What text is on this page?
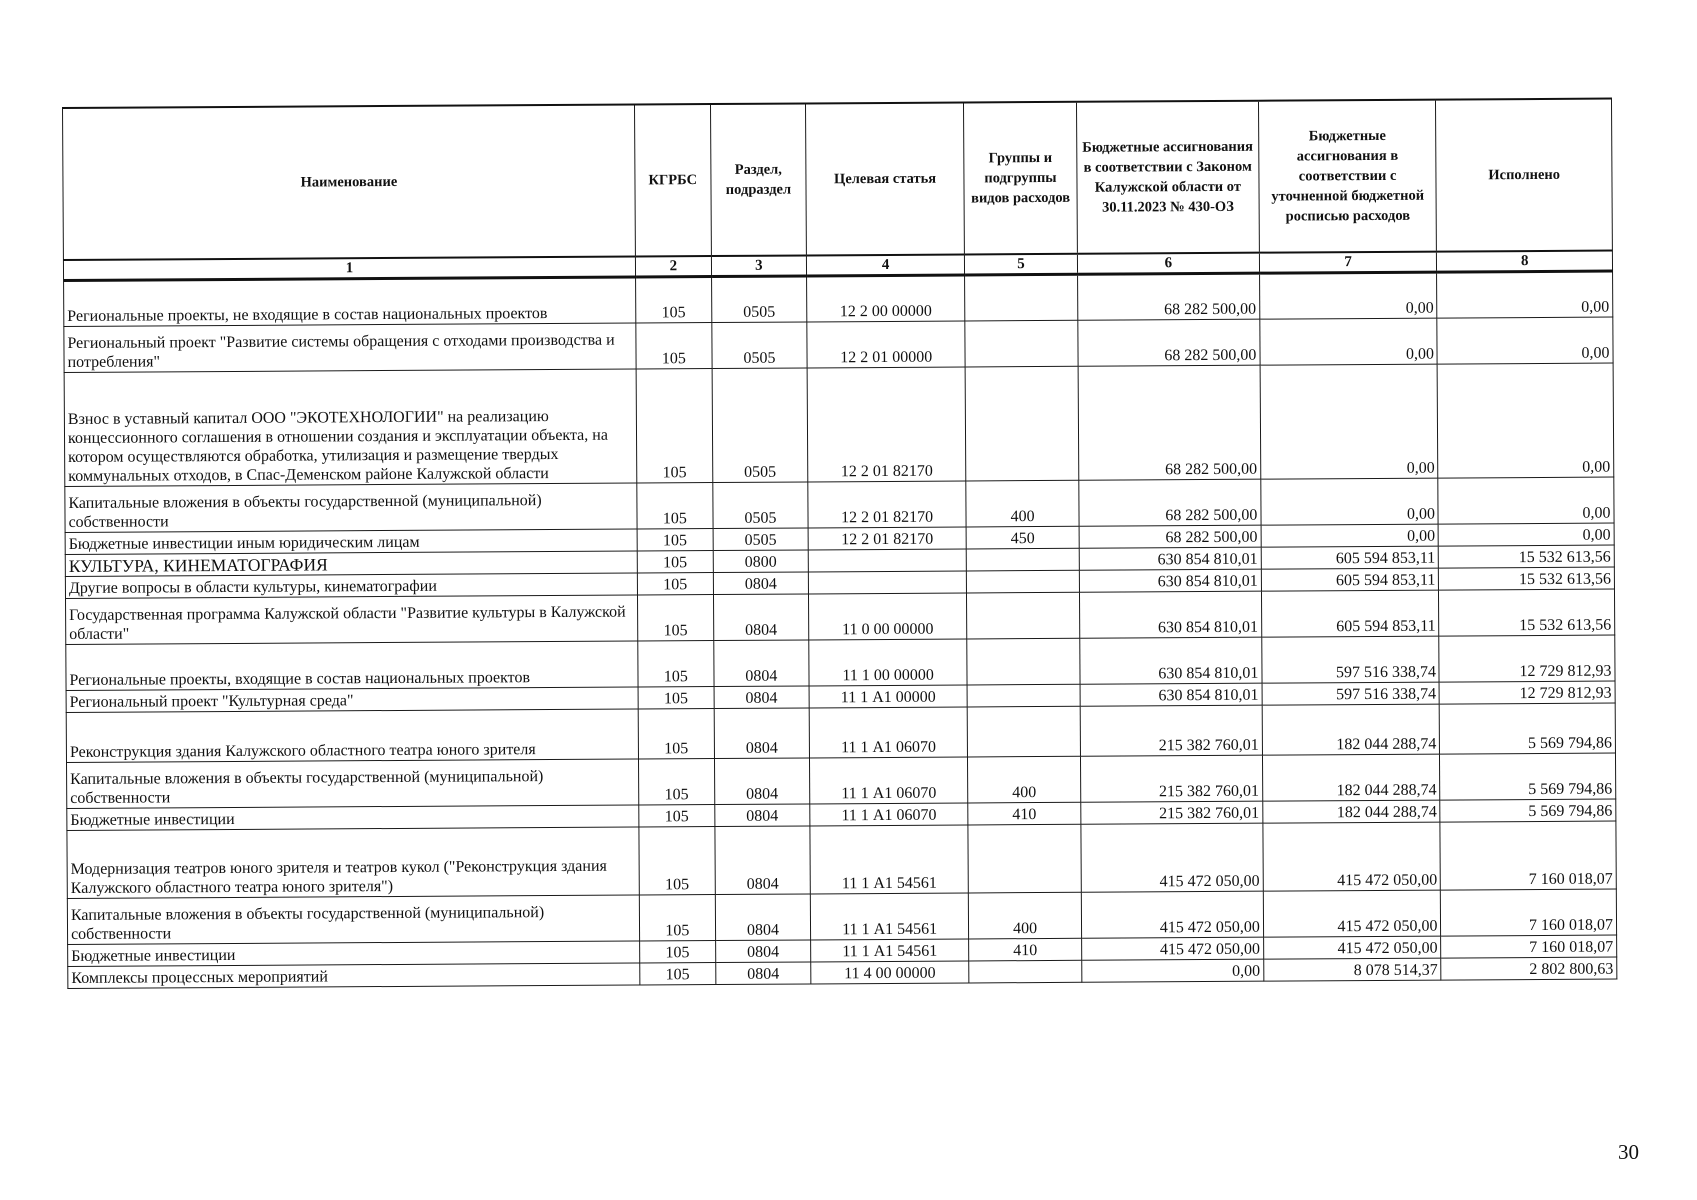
Наименование	КГРБС	Раздел, подраздел	Целевая статья	Группы и подгруппы видов расходов	Бюджетные ассигнования в соответствии с Законом Калужской области от 30.11.2023 № 430-ОЗ	Бюджетные ассигнования в соответствии с уточненной бюджетной росписью расходов	Исполнено
1	2	3	4	5	6	7	8
Региональные проекты, не входящие в состав национальных проектов	105	0505	12 2 00 00000		68 282 500,00	0,00	0,00
Региональный проект "Развитие системы обращения с отходами производства и потребления"	105	0505	12 2 01 00000		68 282 500,00	0,00	0,00
Взнос в уставный капитал ООО "ЭКОТЕХНОЛОГИИ" на реализацию концессионного соглашения в отношении создания и эксплуатации объекта, на котором осуществляются обработка, утилизация и размещение твердых коммунальных отходов, в Спас-Деменском районе Калужской области	105	0505	12 2 01 82170		68 282 500,00	0,00	0,00
Капитальные вложения в объекты государственной (муниципальной) собственности	105	0505	12 2 01 82170	400	68 282 500,00	0,00	0,00
Бюджетные инвестиции иным юридическим лицам	105	0505	12 2 01 82170	450	68 282 500,00	0,00	0,00
КУЛЬТУРА, КИНЕМАТОГРАФИЯ	105	0800			630 854 810,01	605 594 853,11	15 532 613,56
Другие вопросы в области культуры, кинематографии	105	0804			630 854 810,01	605 594 853,11	15 532 613,56
Государственная программа Калужской области "Развитие культуры в Калужской области"	105	0804	11 0 00 00000		630 854 810,01	605 594 853,11	15 532 613,56
Региональные проекты, входящие в состав национальных проектов	105	0804	11 1 00 00000		630 854 810,01	597 516 338,74	12 729 812,93
Региональный проект "Культурная среда"	105	0804	11 1 А1 00000		630 854 810,01	597 516 338,74	12 729 812,93
Реконструкция здания Калужского областного театра юного зрителя	105	0804	11 1 А1 06070		215 382 760,01	182 044 288,74	5 569 794,86
Капитальные вложения в объекты государственной (муниципальной) собственности	105	0804	11 1 А1 06070	400	215 382 760,01	182 044 288,74	5 569 794,86
Бюджетные инвестиции	105	0804	11 1 А1 06070	410	215 382 760,01	182 044 288,74	5 569 794,86
Модернизация театров юного зрителя и театров кукол ("Реконструкция здания Калужского областного театра юного зрителя")	105	0804	11 1 А1 54561		415 472 050,00	415 472 050,00	7 160 018,07
Капитальные вложения в объекты государственной (муниципальной) собственности	105	0804	11 1 А1 54561	400	415 472 050,00	415 472 050,00	7 160 018,07
Бюджетные инвестиции	105	0804	11 1 А1 54561	410	415 472 050,00	415 472 050,00	7 160 018,07
Комплексы процессных мероприятий	105	0804	11 4 00 00000		0,00	8 078 514,37	2 802 800,63
30
